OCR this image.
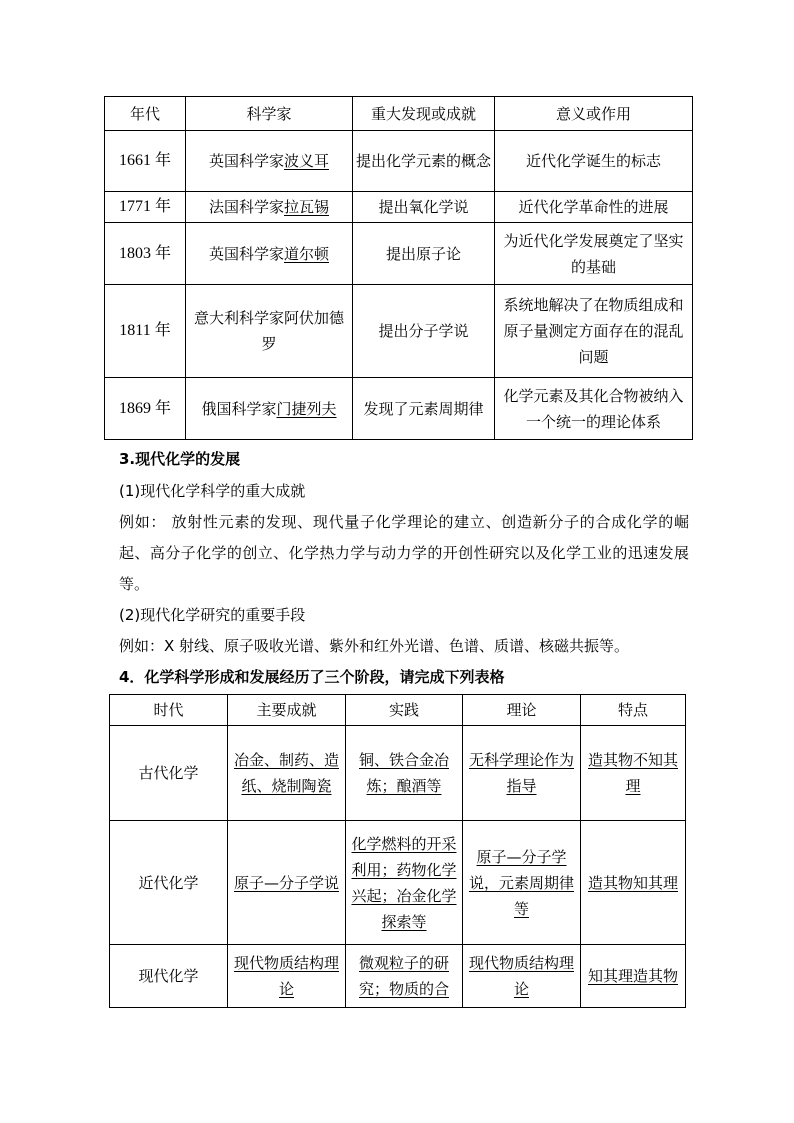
年代	科学家	重大发现或成就	意义或作用
1661 年	英国科学家波义耳	提出化学元素的概念	近代化学诞生的标志
1771 年	法国科学家拉瓦锡	提出氧化学说	近代化学革命性的进展
1803 年	英国科学家道尔顿	提出原子论	为近代化学发展奠定了坚实的基础
1811 年	意大利科学家阿伏加德罗	提出分子学说	系统地解决了在物质组成和原子量测定方面存在的混乱问题
1869 年	俄国科学家门捷列夫	发现了元素周期律	化学元素及其化合物被纳入一个统一的理论体系

3.现代化学的发展

(1)现代化学科学的重大成就

例如： 放射性元素的发现、现代量子化学理论的建立、创造新分子的合成化学的崛起、高分子化学的创立、化学热力学与动力学的开创性研究以及化学工业的迅速发展等。

(2)现代化学研究的重要手段

例如：X 射线、原子吸收光谱、紫外和红外光谱、色谱、质谱、核磁共振等。

4．化学科学形成和发展经历了三个阶段，请完成下列表格

时代	主要成就	实践	理论	特点
古代化学	冶金、制药、造纸、烧制陶瓷	铜、铁合金冶炼；酿酒等	无科学理论作为指导	造其物不知其理
近代化学	原子—分子学说	化学燃料的开采利用；药物化学兴起；冶金化学探索等	原子—分子学说，元素周期律等	造其物知其理
现代化学	现代物质结构理论	微观粒子的研究；物质的合	现代物质结构理论	知其理造其物
